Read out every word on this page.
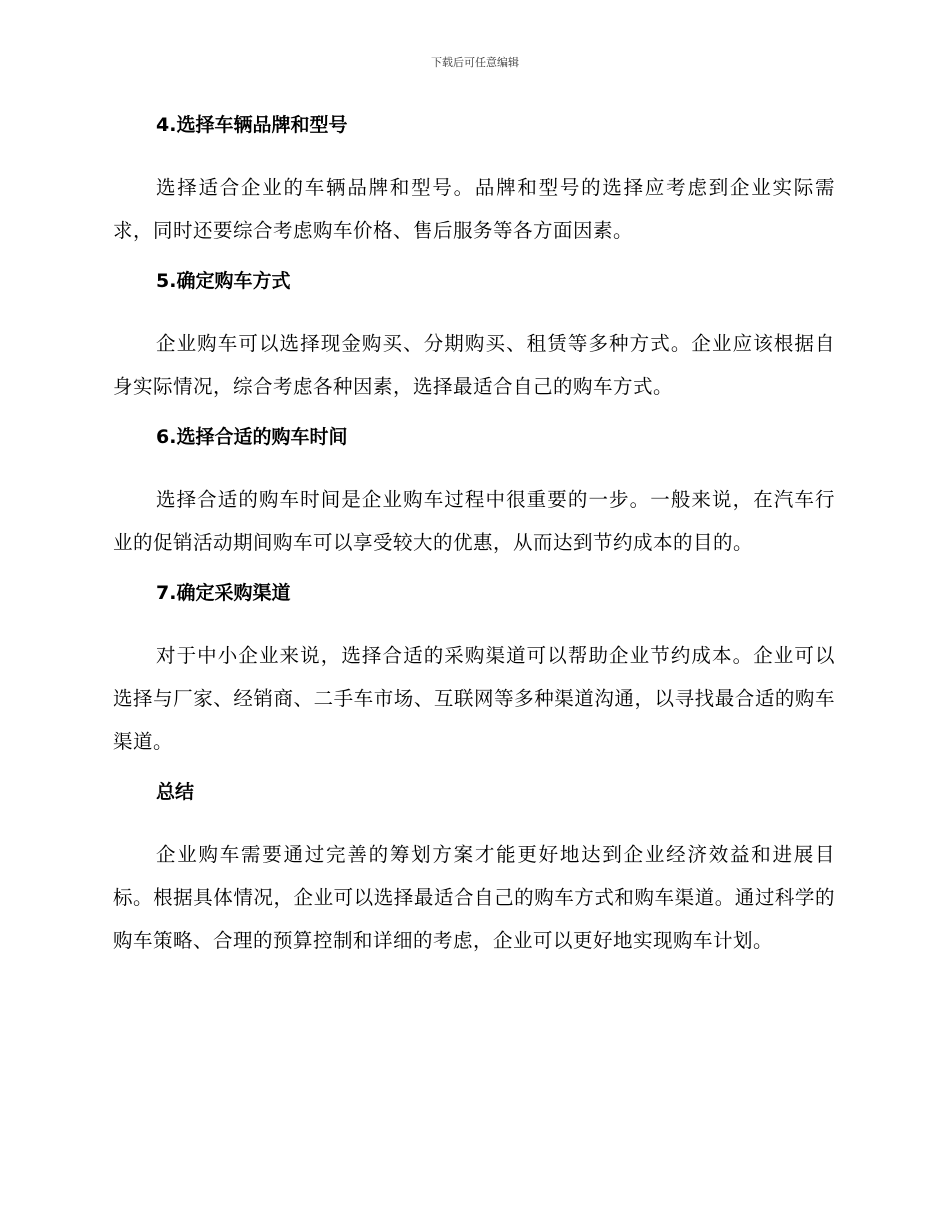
下载后可任意编辑
4.选择车辆品牌和型号

选择适合企业的车辆品牌和型号。品牌和型号的选择应考虑到企业实际需求，同时还要综合考虑购车价格、售后服务等各方面因素。

5.确定购车方式

企业购车可以选择现金购买、分期购买、租赁等多种方式。企业应该根据自身实际情况，综合考虑各种因素，选择最适合自己的购车方式。

6.选择合适的购车时间

选择合适的购车时间是企业购车过程中很重要的一步。一般来说，在汽车行业的促销活动期间购车可以享受较大的优惠，从而达到节约成本的目的。

7.确定采购渠道

对于中小企业来说，选择合适的采购渠道可以帮助企业节约成本。企业可以选择与厂家、经销商、二手车市场、互联网等多种渠道沟通，以寻找最合适的购车渠道。

总结

企业购车需要通过完善的筹划方案才能更好地达到企业经济效益和进展目标。根据具体情况，企业可以选择最适合自己的购车方式和购车渠道。通过科学的购车策略、合理的预算控制和详细的考虑，企业可以更好地实现购车计划。
